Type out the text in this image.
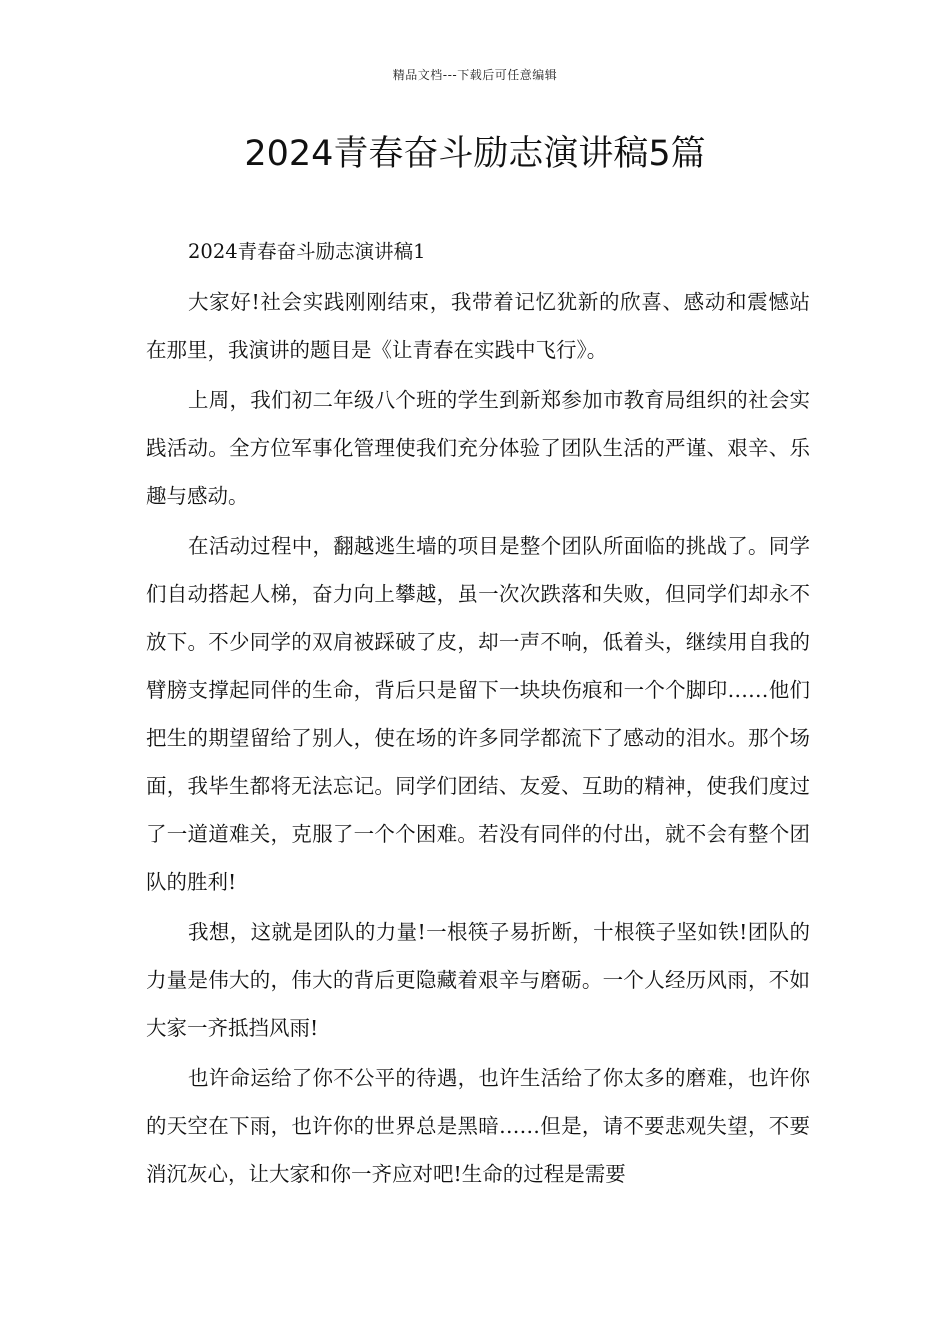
精品文档---下载后可任意编辑
2024青春奋斗励志演讲稿5篇

2024青春奋斗励志演讲稿1

大家好!社会实践刚刚结束，我带着记忆犹新的欣喜、感动和震憾站在那里，我演讲的题目是《让青春在实践中飞行》。

上周，我们初二年级八个班的学生到新郑参加市教育局组织的社会实践活动。全方位军事化管理使我们充分体验了团队生活的严谨、艰辛、乐趣与感动。

在活动过程中，翻越逃生墙的项目是整个团队所面临的挑战了。同学们自动搭起人梯，奋力向上攀越，虽一次次跌落和失败，但同学们却永不放下。不少同学的双肩被踩破了皮，却一声不响，低着头，继续用自我的臂膀支撑起同伴的生命，背后只是留下一块块伤痕和一个个脚印……他们把生的期望留给了别人，使在场的许多同学都流下了感动的泪水。那个场面，我毕生都将无法忘记。同学们团结、友爱、互助的精神，使我们度过了一道道难关，克服了一个个困难。若没有同伴的付出，就不会有整个团队的胜利!

我想，这就是团队的力量!一根筷子易折断，十根筷子坚如铁!团队的力量是伟大的，伟大的背后更隐藏着艰辛与磨砺。一个人经历风雨，不如大家一齐抵挡风雨!

也许命运给了你不公平的待遇，也许生活给了你太多的磨难，也许你的天空在下雨，也许你的世界总是黑暗……但是，请不要悲观失望，不要消沉灰心，让大家和你一齐应对吧!生命的过程是需要
